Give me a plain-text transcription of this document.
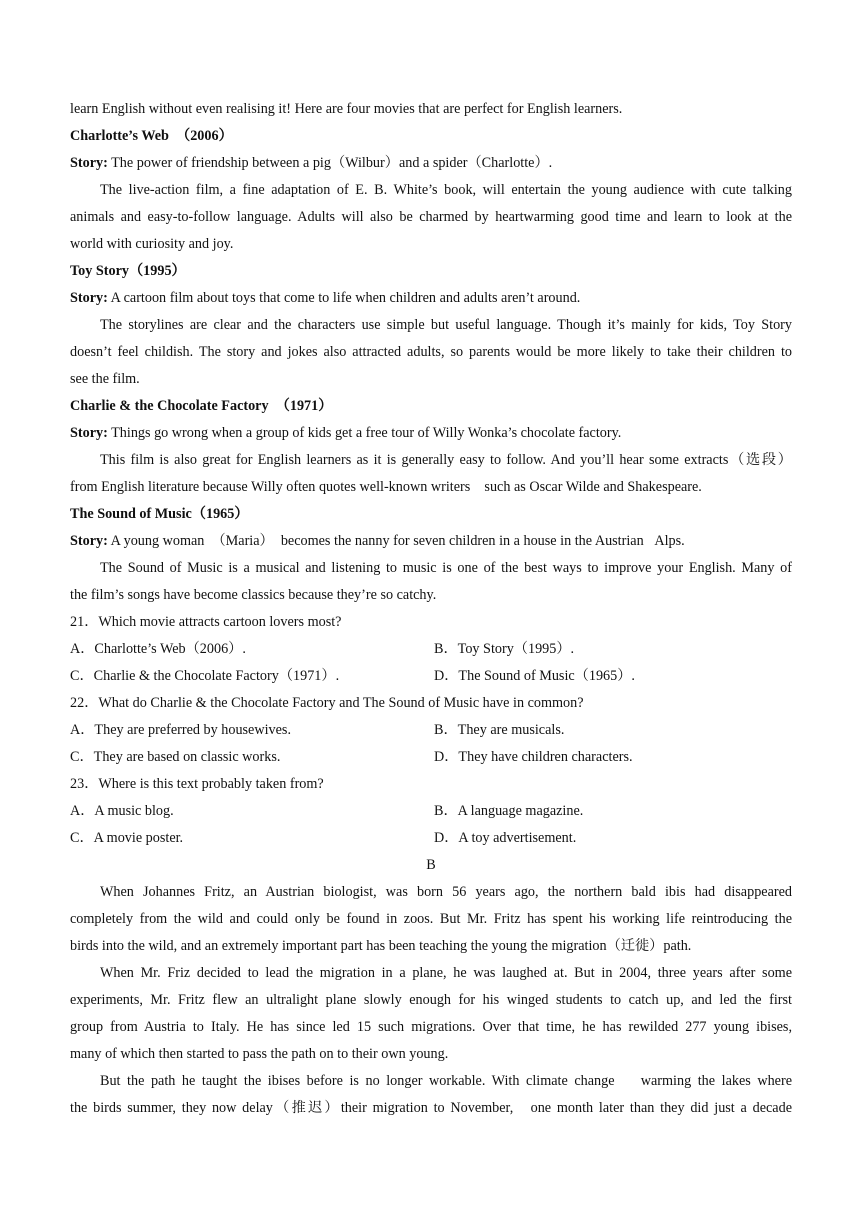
learn English without even realising it! Here are four movies that are perfect for English learners.
Charlotte’s Web  （2006）
Story: The power of friendship between a pig（Wilbur）and a spider（Charlotte）.
The live-action film, a fine adaptation of E. B. White’s book, will entertain the young audience with cute talking
animals and easy-to-follow language. Adults will also be charmed by heartwarming good time and learn to look at the
world with curiosity and joy.
Toy Story（1995）
Story: A cartoon film about toys that come to life when children and adults aren’t around.
The storylines are clear and the characters use simple but useful language. Though it’s mainly for kids, Toy Story
doesn’t feel childish. The story and jokes also attracted adults, so parents would be more likely to take their children to
see the film.
Charlie & the Chocolate Factory  （1971）
Story: Things go wrong when a group of kids get a free tour of Willy Wonka’s chocolate factory.
This film is also great for English learners as it is generally easy to follow. And you’ll hear some extracts（选段）
from English literature because Willy often quotes well-known writers    such as Oscar Wilde and Shakespeare.
The Sound of Music（1965）
Story: A young woman  （Maria）  becomes the nanny for seven children in a house in the Austrian   Alps.
The Sound of Music is a musical and listening to music is one of the best ways to improve your English. Many of
the film’s songs have become classics because they’re so catchy.
21．Which movie attracts cartoon lovers most?
A．Charlotte’s Web（2006）.	B．Toy Story（1995）.
C．Charlie & the Chocolate Factory（1971）.	D．The Sound of Music（1965）.
22．What do Charlie & the Chocolate Factory and The Sound of Music have in common?
A．They are preferred by housewives.	B．They are musicals.
C．They are based on classic works.	D．They have children characters.
23．Where is this text probably taken from?
A．A music blog.	B．A language magazine.
C．A movie poster.	D．A toy advertisement.
B
When Johannes Fritz, an Austrian biologist, was born 56 years ago, the northern bald ibis had disappeared
completely from the wild and could only be found in zoos. But Mr. Fritz has spent his working life reintroducing the
birds into the wild, and an extremely important part has been teaching the young the migration（迁徙）path.
When Mr. Friz decided to lead the migration in a plane, he was laughed at. But in 2004, three years after some
experiments, Mr. Fritz flew an ultralight plane slowly enough for his winged students to catch up, and led the first
group from Austria to Italy. He has since led 15 such migrations. Over that time, he has rewilded 277 young ibises,
many of which then started to pass the path on to their own young.
But the path he taught the ibises before is no longer workable. With climate change    warming the lakes where
the birds summer, they now delay（推迟）their migration to November,   one month later than they did just a decade
